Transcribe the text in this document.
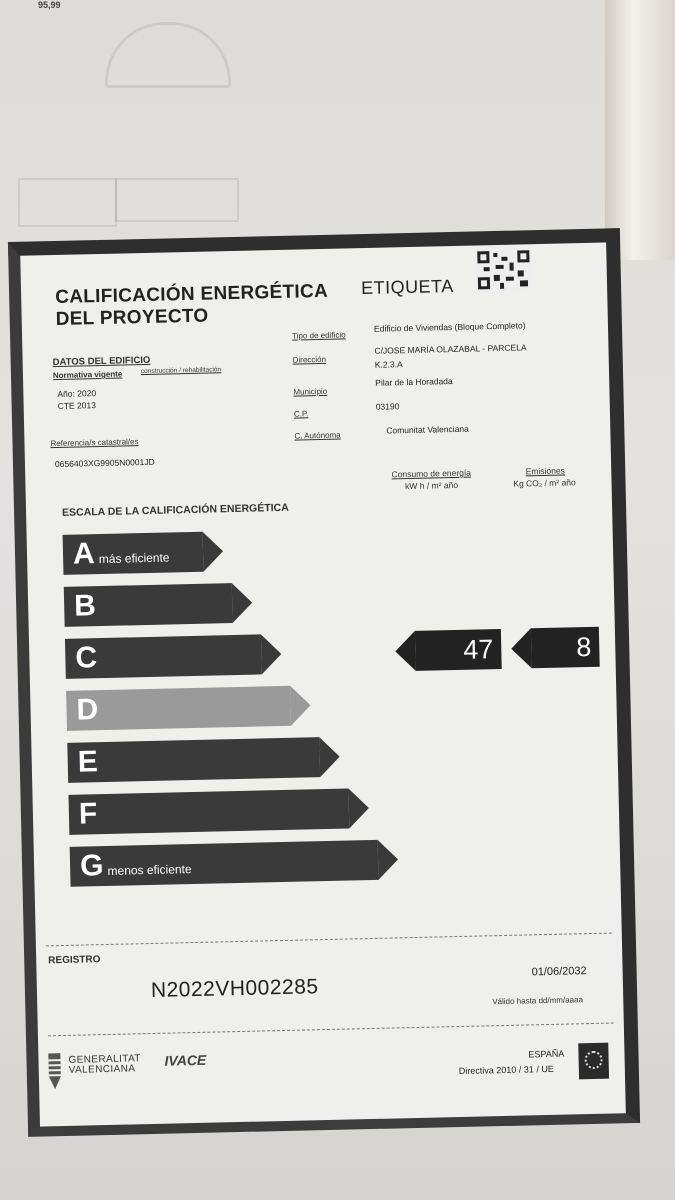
95,99
CALIFICACIÓN ENERGÉTICA
DEL PROYECTO
ETIQUETA
DATOS DEL EDIFICIO
Normativa vigente	construcción / rehabilitación
Año: 2020
CTE 2013
Referencia/s catastral/es
0656403XG9905N0001JD
Tipo de edificio
Edificio de Viviendas (Bloque Completo)
Dirección
C/JOSE MARÍA OLAZABAL - PARCELA
K.2.3.A
Municipio
Pilar de la Horadada
C.P.
03190
C. Autónoma
Comunitat Valenciana
ESCALA DE LA CALIFICACIÓN ENERGÉTICA
Consumo de energía
kW h / m² año
Emisiones
Kg CO₂ / m² año
A más eficiente
B
C
D
E
F
G menos eficiente
47	8
REGISTRO
N2022VH002285
01/06/2032
Válido hasta dd/mm/aaaa
GENERALITAT
VALENCIANA
IVACE	ESPAÑA
Directiva 2010 / 31 / UE
